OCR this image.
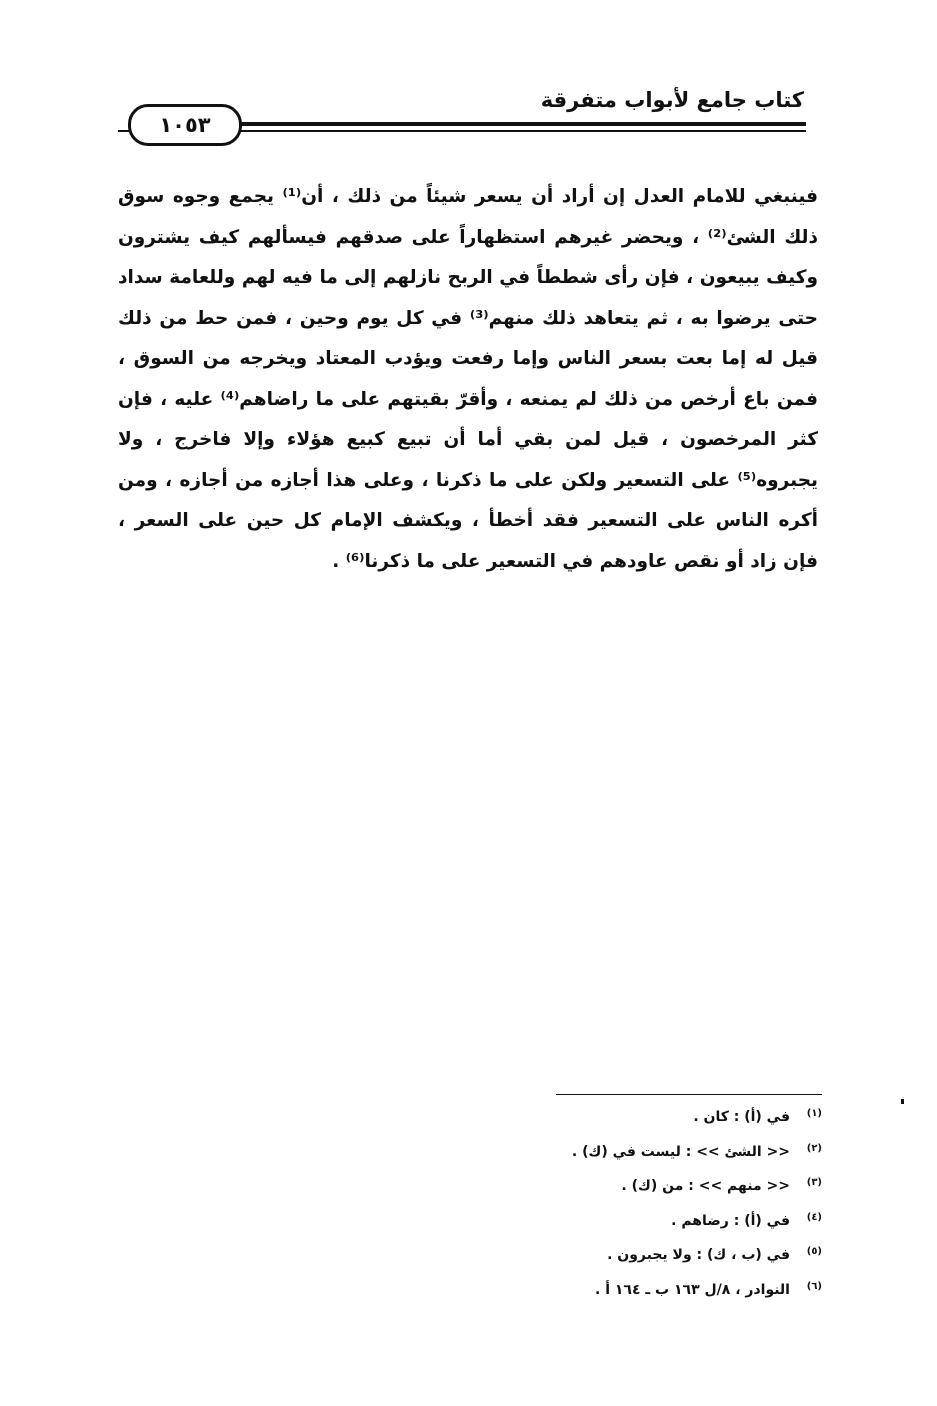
كتاب جامع لأبواب متفرقة
١٠٥٣

فينبغي للامام العدل إن أراد أن يسعر شيئاً من ذلك ، أن⁽¹⁾ يجمع وجوه سوق ذلك الشئ⁽²⁾ ، ويحضر غيرهم استظهاراً على صدقهم فيسألهم كيف يشترون وكيف يبيعون ، فإن رأى شططاً في الربح نازلهم إلى ما فيه لهم وللعامة سداد حتى يرضوا به ، ثم يتعاهد ذلك منهم⁽³⁾ في كل يوم وحين ، فمن حط من ذلك قيل له إما بعت بسعر الناس وإما رفعت ويؤدب المعتاد ويخرجه من السوق ، فمن باع أرخص من ذلك لم يمنعه ، وأقرّ بقيتهم على ما راضاهم⁽⁴⁾ عليه ، فإن كثر المرخصون ، قيل لمن بقي أما أن تبيع كبيع هؤلاء وإلا فاخرج ، ولا يجبروه⁽⁵⁾ على التسعير ولكن على ما ذكرنا ، وعلى هذا أجازه من أجازه ، ومن أكره الناس على التسعير فقد أخطأ ، ويكشف الإمام كل حين على السعر ، فإن زاد أو نقص عاودهم في التسعير على ما ذكرنا⁽⁶⁾ .

(١)
في (أ) : كان .
(٢)
<< الشئ >> : ليست في (ك) .
(٣)
<< منهم >> : من (ك) .
(٤)
في (أ) : رضاهم .
(٥)
في (ب ، ك) : ولا يجبرون .
(٦)
النوادر ، ٨/ل ١٦٣ ب ـ ١٦٤ أ .
